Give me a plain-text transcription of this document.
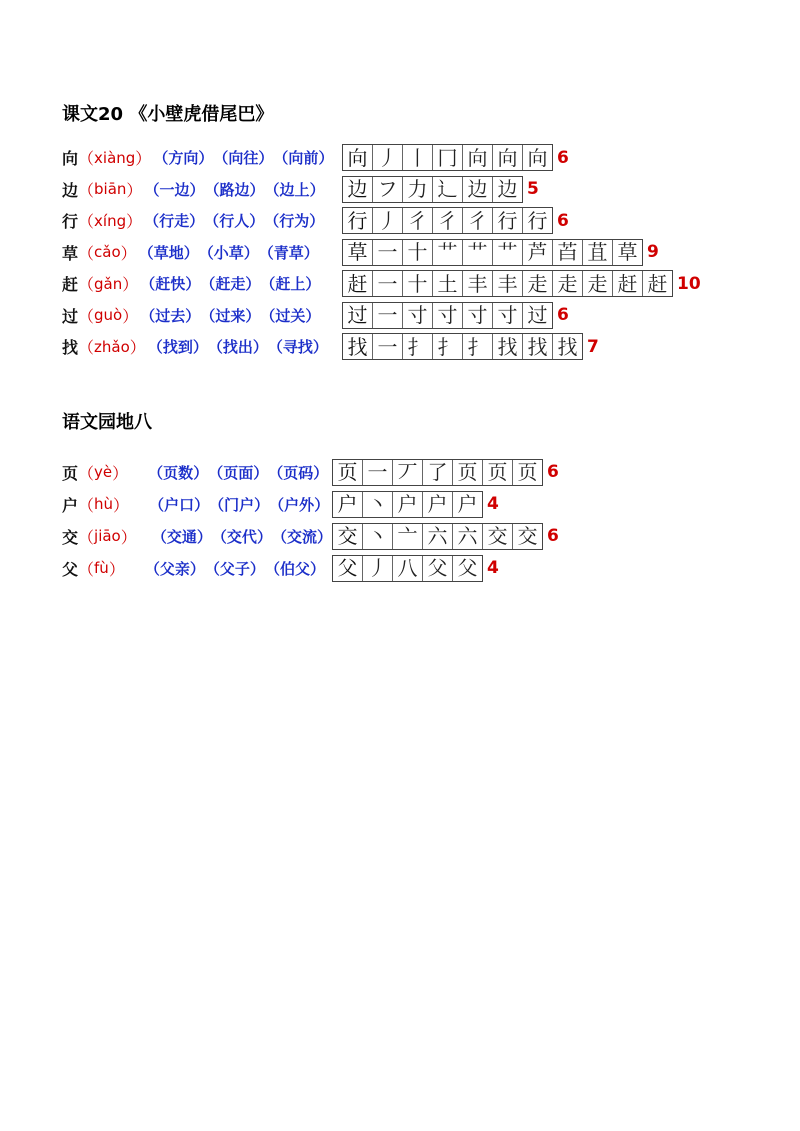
课文20 《小壁虎借尾巴》
向 （ xiàng ） （ 方向 ） （ 向往 ） （ 向前 ） 向 丿 丨 冂 向 向 向 6
边 （ biān ） （ 一边 ） （ 路边 ） （ 边上 ） 边 フ 力 辶 边 边 5
行 （ xíng ） （ 行走 ） （ 行人 ） （ 行为 ） 行 丿 彳 彳 彳 行 行 6
草 （ cǎo ） （ 草地 ） （ 小草 ） （ 青草 ） 草 一 十 艹 艹 艹 芦 苩 苴 草 9
赶 （ gǎn ） （ 赶快 ） （ 赶走 ） （ 赶上 ） 赶 一 十 土 丰 丰 走 走 走 赶 赶 10
过 （ guò ） （ 过去 ） （ 过来 ） （ 过关 ） 过 一 寸 寸 寸 寸 过 6
找 （ zhǎo ） （ 找到 ） （ 找出 ） （ 寻找 ） 找 一 扌 扌 扌 找 找 找 7
语文园地八
页 （ yè ） （ 页数 ） （ 页面 ） （ 页码 ） 页 一 丆 了 页 页 页 6
户 （ hù ） （ 户口 ） （ 门户 ） （ 户外 ） 户 丶 户 户 户 4
交 （ jiāo ） （ 交通 ） （ 交代 ） （ 交流 ） 交 丶 亠 六 六 交 交 6
父 （ fù ） （ 父亲 ） （ 父子 ） （ 伯父 ） 父 丿 八 父 父 4
